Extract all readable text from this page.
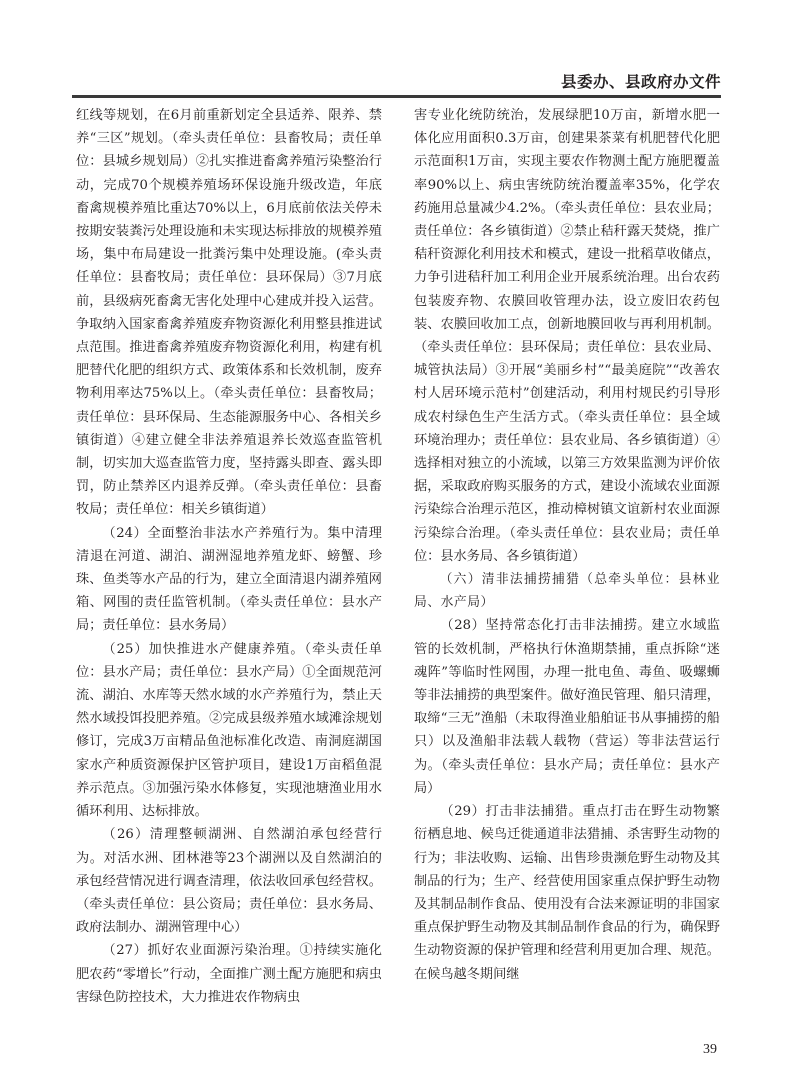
县委办、县政府办文件

红线等规划，在6月前重新划定全县适养、限养、禁养“三区”规划。（牵头责任单位：县畜牧局；责任单位：县城乡规划局）②扎实推进畜禽养殖污染整治行动，完成70个规模养殖场环保设施升级改造，年底畜禽规模养殖比重达70%以上，6月底前依法关停未按期安装粪污处理设施和未实现达标排放的规模养殖场，集中布局建设一批粪污集中处理设施。(牵头责任单位：县畜牧局；责任单位：县环保局）③7月底前，县级病死畜禽无害化处理中心建成并投入运营。争取纳入国家畜禽养殖废弃物资源化利用整县推进试点范围。推进畜禽养殖废弃物资源化利用，构建有机肥替代化肥的组织方式、政策体系和长效机制，废弃物利用率达75%以上。（牵头责任单位：县畜牧局；责任单位：县环保局、生态能源服务中心、各相关乡镇街道）④建立健全非法养殖退养长效巡查监管机制，切实加大巡查监管力度，坚持露头即查、露头即罚，防止禁养区内退养反弹。（牵头责任单位：县畜牧局；责任单位：相关乡镇街道）

（24）全面整治非法水产养殖行为。集中清理清退在河道、湖泊、湖洲湿地养殖龙虾、螃蟹、珍珠、鱼类等水产品的行为，建立全面清退内湖养殖网箱、网围的责任监管机制。（牵头责任单位：县水产局；责任单位：县水务局）

（25）加快推进水产健康养殖。（牵头责任单位：县水产局；责任单位：县水产局）①全面规范河流、湖泊、水库等天然水域的水产养殖行为，禁止天然水域投饵投肥养殖。②完成县级养殖水域滩涂规划修订，完成3万亩精品鱼池标准化改造、南洞庭湖国家水产种质资源保护区管护项目，建设1万亩稻鱼混养示范点。③加强污染水体修复，实现池塘渔业用水循环利用、达标排放。

（26）清理整顿湖洲、自然湖泊承包经营行为。对活水洲、团林港等23个湖洲以及自然湖泊的承包经营情况进行调查清理，依法收回承包经营权。（牵头责任单位：县公资局；责任单位：县水务局、政府法制办、湖洲管理中心）

（27）抓好农业面源污染治理。①持续实施化肥农药“零增长”行动，全面推广测土配方施肥和病虫害绿色防控技术，大力推进农作物病虫

害专业化统防统治，发展绿肥10万亩，新增水肥一体化应用面积0.3万亩，创建果茶菜有机肥替代化肥示范面积1万亩，实现主要农作物测土配方施肥覆盖率90%以上、病虫害统防统治覆盖率35%，化学农药施用总量减少4.2%。（牵头责任单位：县农业局；责任单位：各乡镇街道）②禁止秸秆露天焚烧，推广秸秆资源化利用技术和模式，建设一批稻草收储点，力争引进秸秆加工利用企业开展系统治理。出台农药包装废弃物、农膜回收管理办法，设立废旧农药包装、农膜回收加工点，创新地膜回收与再利用机制。（牵头责任单位：县环保局；责任单位：县农业局、城管执法局）③开展“美丽乡村”“最美庭院”“改善农村人居环境示范村”创建活动，利用村规民约引导形成农村绿色生产生活方式。（牵头责任单位：县全域环境治理办；责任单位：县农业局、各乡镇街道）④选择相对独立的小流域，以第三方效果监测为评价依据，采取政府购买服务的方式，建设小流域农业面源污染综合治理示范区，推动樟树镇文谊新村农业面源污染综合治理。（牵头责任单位：县农业局；责任单位：县水务局、各乡镇街道）

（六）清非法捕捞捕猎（总牵头单位：县林业局、水产局）

（28）坚持常态化打击非法捕捞。建立水域监管的长效机制，严格执行休渔期禁捕，重点拆除“迷魂阵”等临时性网围，办理一批电鱼、毒鱼、吸螺蛳等非法捕捞的典型案件。做好渔民管理、船只清理，取缔“三无”渔船（未取得渔业船舶证书从事捕捞的船只）以及渔船非法载人载物（营运）等非法营运行为。（牵头责任单位：县水产局；责任单位：县水产局）

（29）打击非法捕猎。重点打击在野生动物繁衍栖息地、候鸟迁徙通道非法猎捕、杀害野生动物的行为；非法收购、运输、出售珍贵濒危野生动物及其制品的行为；生产、经营使用国家重点保护野生动物及其制品制作食品、使用没有合法来源证明的非国家重点保护野生动物及其制品制作食品的行为，确保野生动物资源的保护管理和经营利用更加合理、规范。在候鸟越冬期间继

39
